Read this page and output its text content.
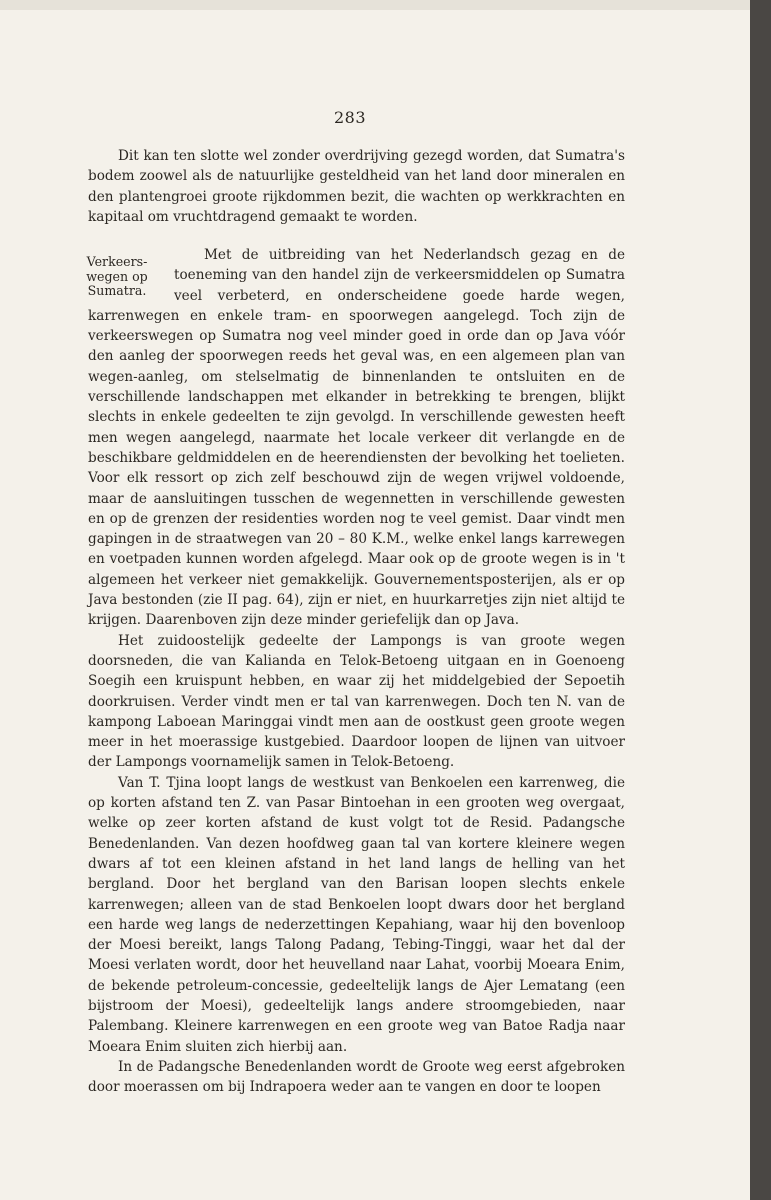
283

Dit kan ten slotte wel zonder overdrijving gezegd worden, dat Sumatra's bodem zoowel als de natuurlijke gesteldheid van het land door mineralen en den plantengroei groote rijkdommen bezit, die wachten op werkkrachten en kapitaal om vruchtdragend gemaakt te worden.

Verkeers-wegen op Sumatra.

Met de uitbreiding van het Nederlandsch gezag en de toeneming van den handel zijn de verkeersmiddelen op Sumatra veel verbeterd, en onderscheidene goede harde wegen, karrenwegen en enkele tram- en spoorwegen aangelegd. Toch zijn de verkeerswegen op Sumatra nog veel minder goed in orde dan op Java vóór den aanleg der spoorwegen reeds het geval was, en een algemeen plan van wegen-aanleg, om stelselmatig de binnenlanden te ontsluiten en de verschillende landschappen met elkander in betrekking te brengen, blijkt slechts in enkele gedeelten te zijn gevolgd. In verschillende gewesten heeft men wegen aangelegd, naarmate het locale verkeer dit verlangde en de beschikbare geldmiddelen en de heerendiensten der bevolking het toelieten. Voor elk ressort op zich zelf beschouwd zijn de wegen vrijwel voldoende, maar de aansluitingen tusschen de wegennetten in verschillende gewesten en op de grenzen der residenties worden nog te veel gemist. Daar vindt men gapingen in de straatwegen van 20 – 80 K.M., welke enkel langs karrewegen en voetpaden kunnen worden afgelegd. Maar ook op de groote wegen is in 't algemeen het verkeer niet gemakkelijk. Gouvernementsposterijen, als er op Java bestonden (zie II pag. 64), zijn er niet, en huurkarretjes zijn niet altijd te krijgen. Daarenboven zijn deze minder geriefelijk dan op Java.

Het zuidoostelijk gedeelte der Lampongs is van groote wegen doorsneden, die van Kalianda en Telok-Betoeng uitgaan en in Goenoeng Soegih een kruispunt hebben, en waar zij het middelgebied der Sepoetih doorkruisen. Verder vindt men er tal van karrenwegen. Doch ten N. van de kampong Laboean Maringgai vindt men aan de oostkust geen groote wegen meer in het moerassige kustgebied. Daardoor loopen de lijnen van uitvoer der Lampongs voornamelijk samen in Telok-Betoeng.

Van T. Tjina loopt langs de westkust van Benkoelen een karrenweg, die op korten afstand ten Z. van Pasar Bintoehan in een grooten weg overgaat, welke op zeer korten afstand de kust volgt tot de Resid. Padangsche Benedenlanden. Van dezen hoofdweg gaan tal van kortere kleinere wegen dwars af tot een kleinen afstand in het land langs de helling van het bergland. Door het bergland van den Barisan loopen slechts enkele karrenwegen; alleen van de stad Benkoelen loopt dwars door het bergland een harde weg langs de nederzettingen Kepahiang, waar hij den bovenloop der Moesi bereikt, langs Talong Padang, Tebing-Tinggi, waar het dal der Moesi verlaten wordt, door het heuvelland naar Lahat, voorbij Moeara Enim, de bekende petroleum-concessie, gedeeltelijk langs de Ajer Lematang (een bijstroom der Moesi), gedeeltelijk langs andere stroomgebieden, naar Palembang. Kleinere karrenwegen en een groote weg van Batoe Radja naar Moeara Enim sluiten zich hierbij aan.

In de Padangsche Benedenlanden wordt de Groote weg eerst afgebroken door moerassen om bij Indrapoera weder aan te vangen en door te loopen
